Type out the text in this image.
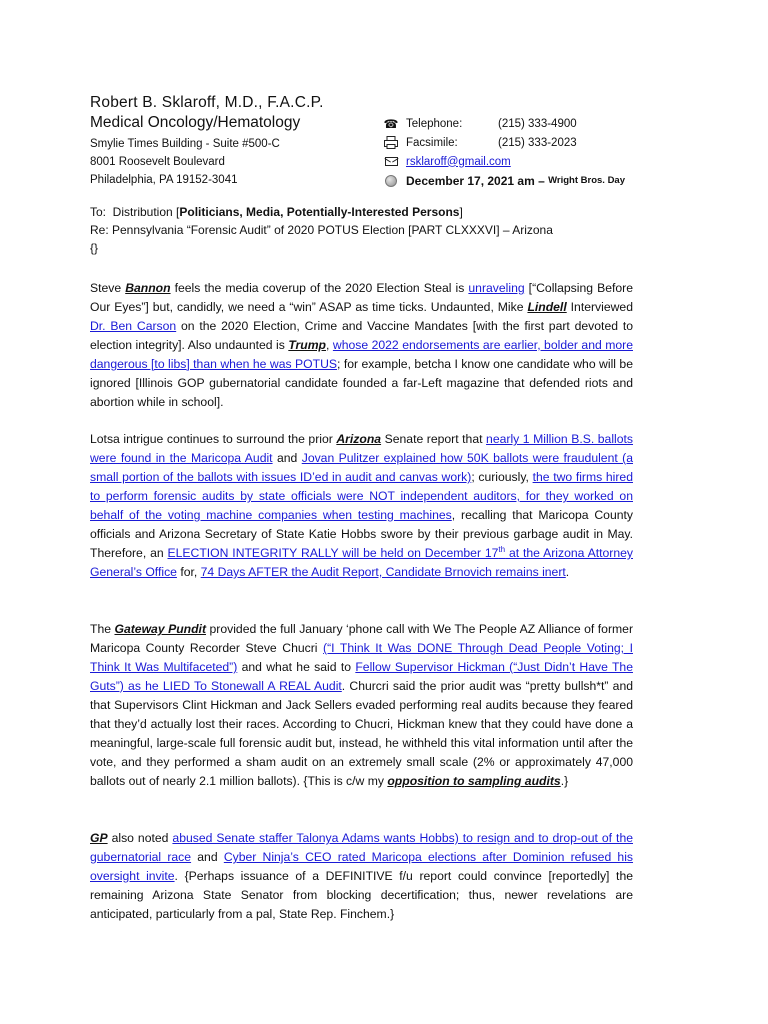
Robert B. Sklaroff, M.D., F.A.C.P.
Medical Oncology/Hematology
Smylie Times Building - Suite #500-C
8001 Roosevelt Boulevard
Philadelphia, PA 19152-3041
☎ Telephone:	(215) 333-4900
Facsimile:	(215) 333-2023
rsklaroff@gmail.com
December 17, 2021 am – Wright Bros. Day
To:  Distribution [Politicians, Media, Potentially-Interested Persons]
Re: Pennsylvania “Forensic Audit” of 2020 POTUS Election [PART CLXXXVI] – Arizona
{}
Steve Bannon feels the media coverup of the 2020 Election Steal is unraveling [“Collapsing Before Our Eyes”] but, candidly, we need a “win” ASAP as time ticks. Undaunted, Mike Lindell Interviewed Dr. Ben Carson on the 2020 Election, Crime and Vaccine Mandates [with the first part devoted to election integrity]. Also undaunted is Trump, whose 2022 endorsements are earlier, bolder and more dangerous [to libs] than when he was POTUS; for example, betcha I know one candidate who will be ignored [Illinois GOP gubernatorial candidate founded a far-Left magazine that defended riots and abortion while in school].
Lotsa intrigue continues to surround the prior Arizona Senate report that nearly 1 Million B.S. ballots were found in the Maricopa Audit and Jovan Pulitzer explained how 50K ballots were fraudulent (a small portion of the ballots with issues ID’ed in audit and canvas work); curiously, the two firms hired to perform forensic audits by state officials were NOT independent auditors, for they worked on behalf of the voting machine companies when testing machines, recalling that Maricopa County officials and Arizona Secretary of State Katie Hobbs swore by their previous garbage audit in May. Therefore, an ELECTION INTEGRITY RALLY will be held on December 17th at the Arizona Attorney General’s Office for, 74 Days AFTER the Audit Report, Candidate Brnovich remains inert.
The Gateway Pundit provided the full January ‘phone call with We The People AZ Alliance of former Maricopa County Recorder Steve Chucri (“I Think It Was DONE Through Dead People Voting; I Think It Was Multifaceted”) and what he said to Fellow Supervisor Hickman (“Just Didn’t Have The Guts”) as he LIED To Stonewall A REAL Audit. Churcri said the prior audit was “pretty bullsh*t” and that Supervisors Clint Hickman and Jack Sellers evaded performing real audits because they feared that they’d actually lost their races. According to Chucri, Hickman knew that they could have done a meaningful, large-scale full forensic audit but, instead, he withheld this vital information until after the vote, and they performed a sham audit on an extremely small scale (2% or approximately 47,000 ballots out of nearly 2.1 million ballots). {This is c/w my opposition to sampling audits.}
GP also noted abused Senate staffer Talonya Adams wants Hobbs) to resign and to drop-out of the gubernatorial race and Cyber Ninja’s CEO rated Maricopa elections after Dominion refused his oversight invite. {Perhaps issuance of a DEFINITIVE f/u report could convince [reportedly] the remaining Arizona State Senator from blocking decertification; thus, newer revelations are anticipated, particularly from a pal, State Rep. Finchem.}
